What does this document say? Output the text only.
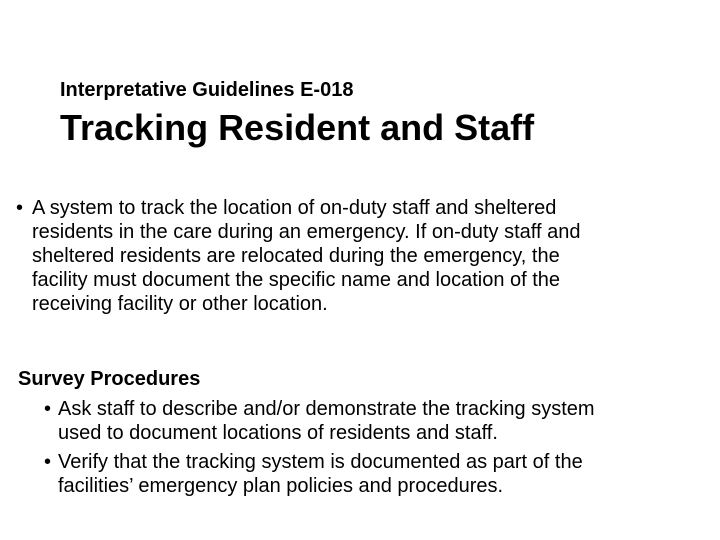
Interpretative Guidelines E-018
Tracking Resident and Staff
• A system to track the location of on-duty staff and sheltered
residents in the care during an emergency. If on-duty staff and
sheltered residents are relocated during the emergency, the
facility must document the specific name and location of the
receiving facility or other location.
Survey Procedures
• Ask staff to describe and/or demonstrate the tracking system
used to document locations of residents and staff.
• Verify that the tracking system is documented as part of the
facilities’ emergency plan policies and procedures.
